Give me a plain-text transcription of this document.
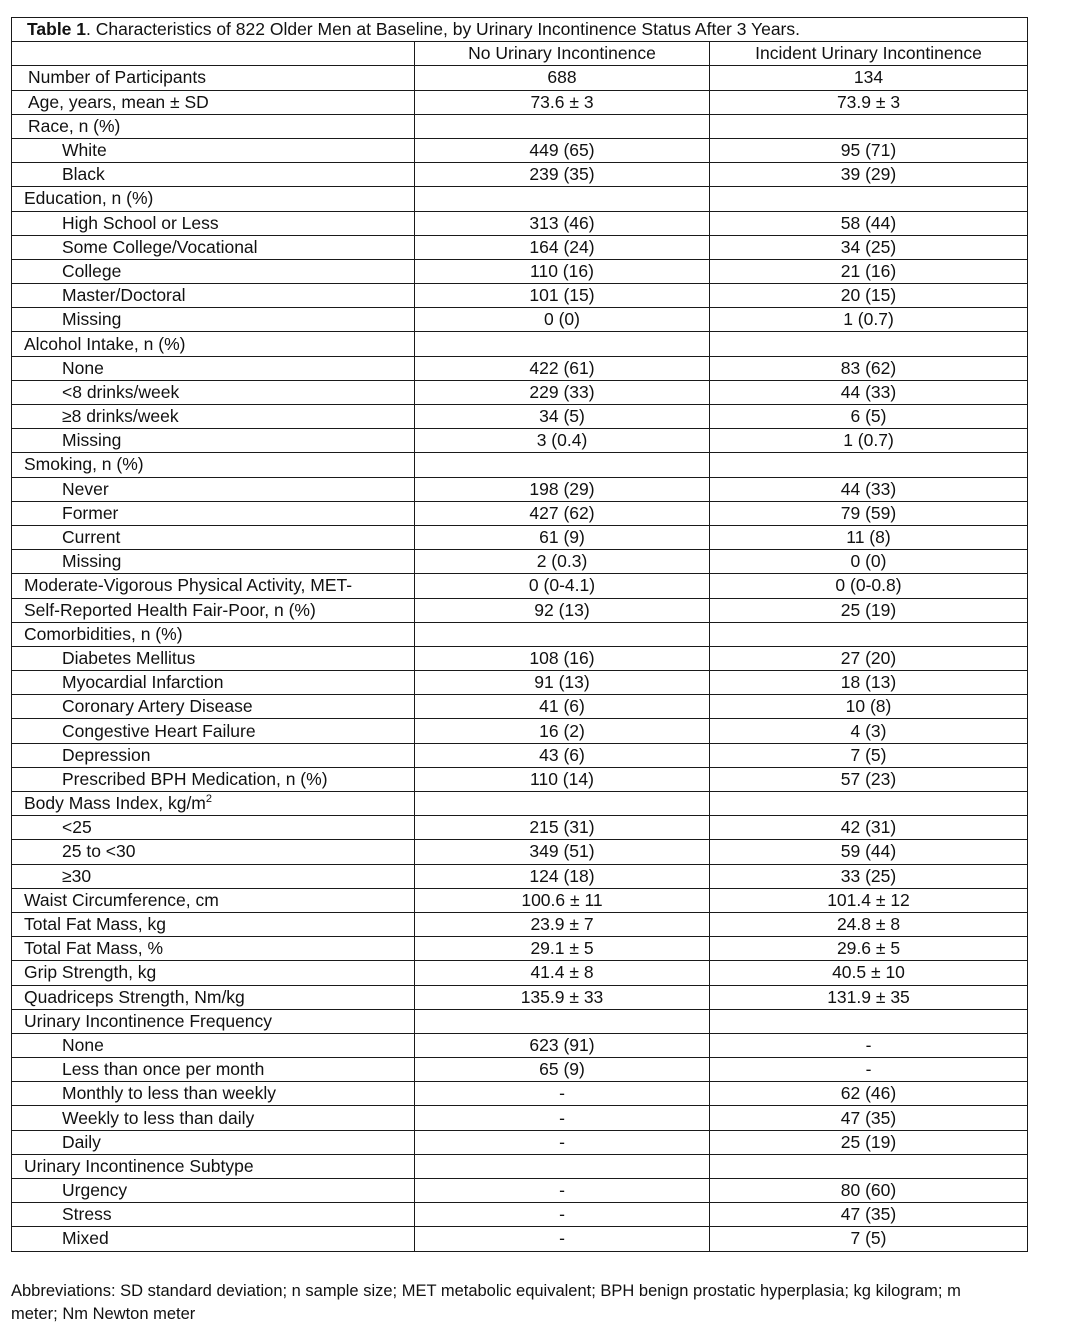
Table 1. Characteristics of 822 Older Men at Baseline, by Urinary Incontinence Status After 3 Years.		
	No Urinary Incontinence	Incident Urinary Incontinence
Number of Participants	688	134
Age, years, mean ± SD	73.6 ± 3	73.9 ± 3
Race, n (%)		
White	449 (65)	95 (71)
Black	239 (35)	39 (29)
Education, n (%)		
High School or Less	313 (46)	58 (44)
Some College/Vocational	164 (24)	34 (25)
College	110 (16)	21 (16)
Master/Doctoral	101 (15)	20 (15)
Missing	0 (0)	1 (0.7)
Alcohol Intake, n (%)		
None	422 (61)	83 (62)
<8 drinks/week	229 (33)	44 (33)
≥8 drinks/week	34 (5)	6 (5)
Missing	3 (0.4)	1 (0.7)
Smoking, n (%)		
Never	198 (29)	44 (33)
Former	427 (62)	79 (59)
Current	61 (9)	11 (8)
Missing	2 (0.3)	0 (0)
Moderate-Vigorous Physical Activity, MET-	0 (0-4.1)	0 (0-0.8)
Self-Reported Health Fair-Poor, n (%)	92 (13)	25 (19)
Comorbidities, n (%)		
Diabetes Mellitus	108 (16)	27 (20)
Myocardial Infarction	91 (13)	18 (13)
Coronary Artery Disease	41 (6)	10 (8)
Congestive Heart Failure	16 (2)	4 (3)
Depression	43 (6)	7 (5)
Prescribed BPH Medication, n (%)	110 (14)	57 (23)
Body Mass Index, $kg/m^2$		
<25	215 (31)	42 (31)
25 to <30	349 (51)	59 (44)
≥30	124 (18)	33 (25)
Waist Circumference, cm	100.6 ± 11	101.4 ± 12
Total Fat Mass, kg	23.9 ± 7	24.8 ± 8
Total Fat Mass, %	29.1 ± 5	29.6 ± 5
Grip Strength, kg	41.4 ± 8	40.5 ± 10
Quadriceps Strength, Nm/kg	135.9 ± 33	131.9 ± 35
Urinary Incontinence Frequency		
None	623 (91)	-
Less than once per month	65 (9)	-
Monthly to less than weekly	-	62 (46)
Weekly to less than daily	-	47 (35)
Daily	-	25 (19)
Urinary Incontinence Subtype		
Urgency	-	80 (60)
Stress	-	47 (35)
Mixed	-	7 (5)
Abbreviations: SD standard deviation; n sample size; MET metabolic equivalent; BPH benign prostatic hyperplasia; kg kilogram; m
meter; Nm Newton meter
